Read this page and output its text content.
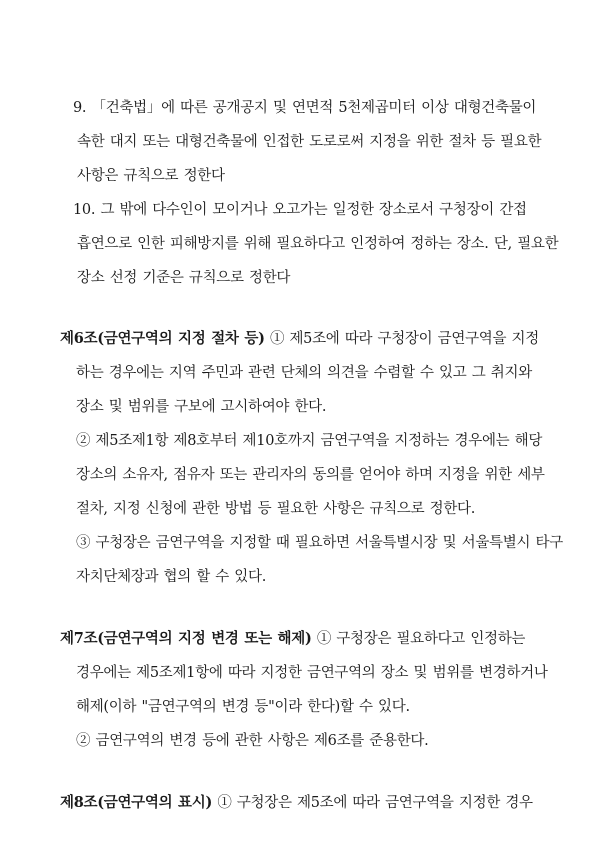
9. 「건축법」에 따른 공개공지 및 연면적 5천제곱미터 이상 대형건축물이
속한 대지 또는 대형건축물에 인접한 도로로써 지정을 위한 절차 등 필요한
사항은 규칙으로 정한다
10. 그 밖에 다수인이 모이거나 오고가는 일정한 장소로서 구청장이 간접
흡연으로 인한 피해방지를 위해 필요하다고 인정하여 정하는 장소. 단, 필요한
장소 선정 기준은 규칙으로 정한다
제6조(금연구역의 지정 절차 등) ① 제5조에 따라 구청장이 금연구역을 지정
하는 경우에는 지역 주민과 관련 단체의 의견을 수렴할 수 있고 그 취지와
장소 및 범위를 구보에 고시하여야 한다.
② 제5조제1항 제8호부터 제10호까지 금연구역을 지정하는 경우에는 해당
장소의 소유자, 점유자 또는 관리자의 동의를 얻어야 하며 지정을 위한 세부
절차, 지정 신청에 관한 방법 등 필요한 사항은 규칙으로 정한다.
③ 구청장은 금연구역을 지정할 때 필요하면 서울특별시장 및 서울특별시 타구
자치단체장과 협의 할 수 있다.
제7조(금연구역의 지정 변경 또는 해제) ① 구청장은 필요하다고 인정하는
경우에는 제5조제1항에 따라 지정한 금연구역의 장소 및 범위를 변경하거나
해제(이하 "금연구역의 변경 등"이라 한다)할 수 있다.
② 금연구역의 변경 등에 관한 사항은 제6조를 준용한다.
제8조(금연구역의 표시) ① 구청장은 제5조에 따라 금연구역을 지정한 경우
